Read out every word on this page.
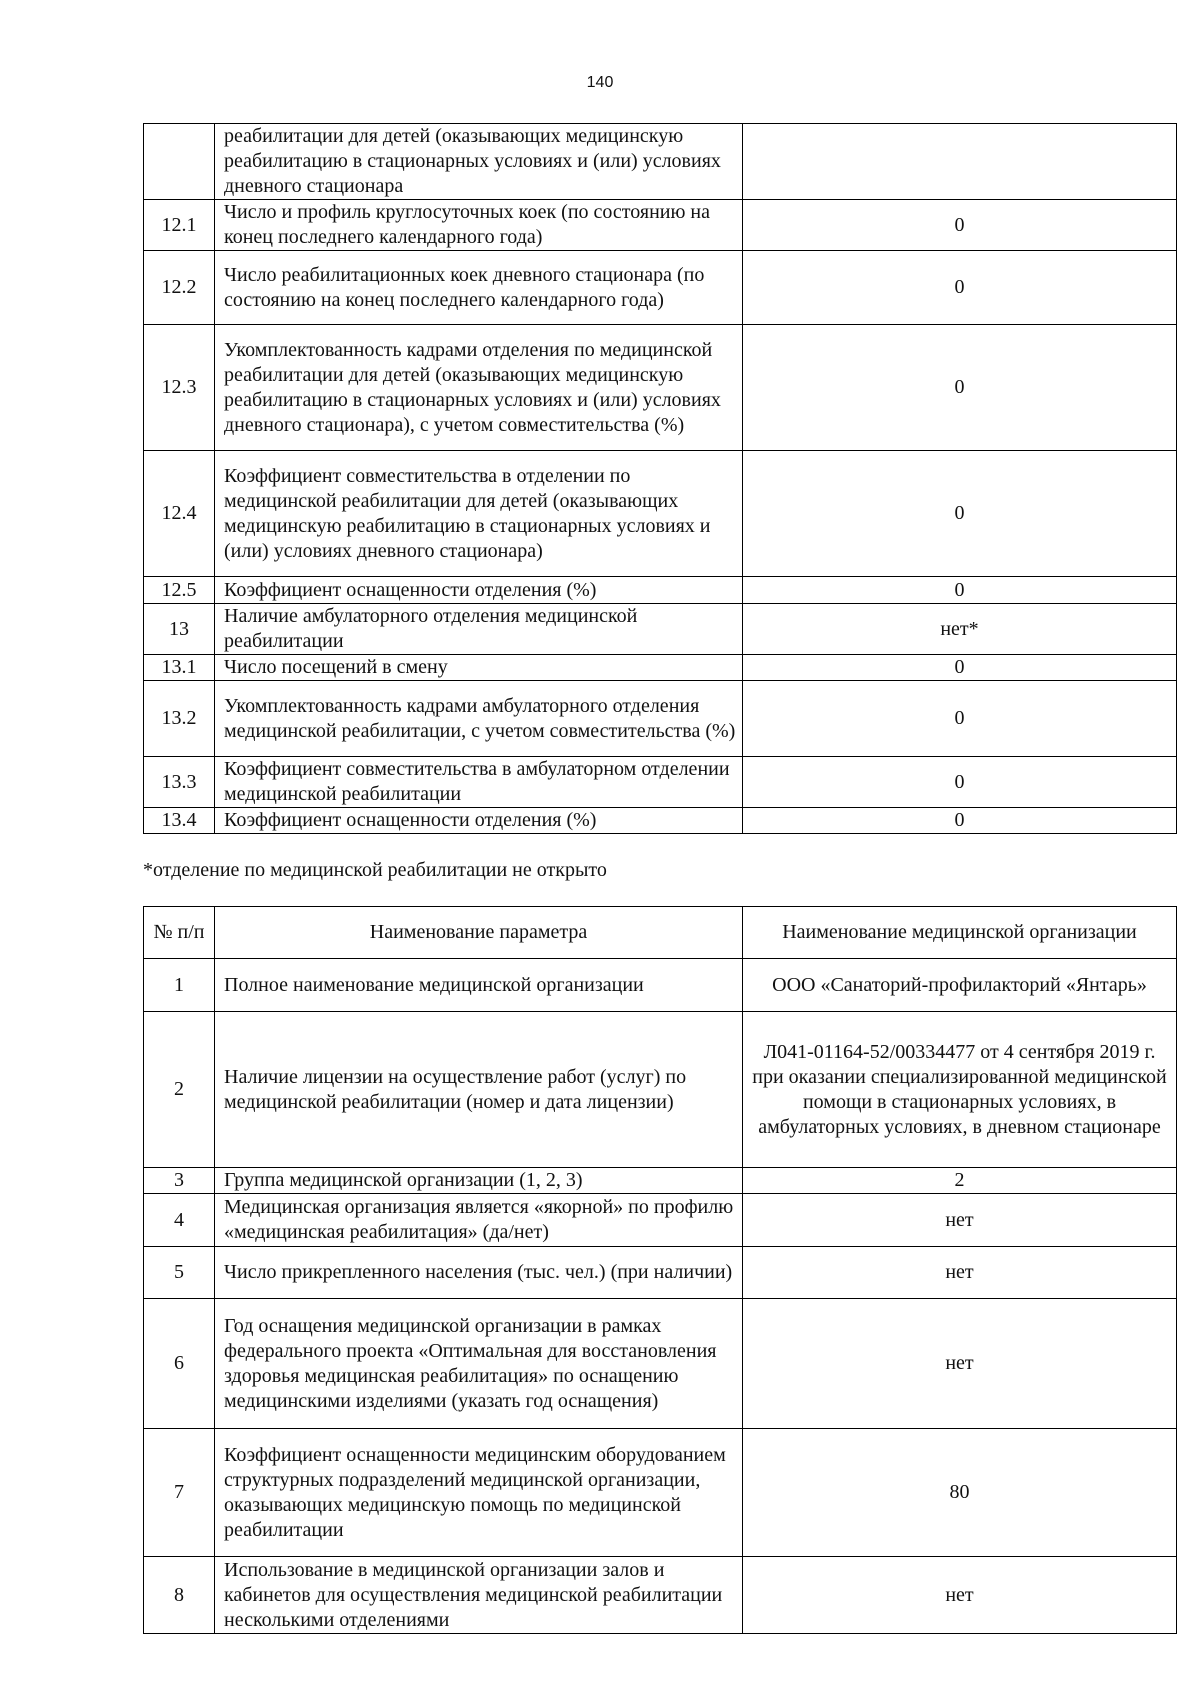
140
	реабилитации для детей (оказывающих медицинскую реабилитацию в стационарных условиях и (или) условиях дневного стационара	
12.1	Число и профиль круглосуточных коек (по состоянию на конец последнего календарного года)	0
12.2	Число реабилитационных коек дневного стационара (по состоянию на конец последнего календарного года)	0
12.3	Укомплектованность кадрами отделения по медицинской реабилитации для детей (оказывающих медицинскую реабилитацию в стационарных условиях и (или) условиях дневного стационара), с учетом совместительства (%)	0
12.4	Коэффициент совместительства в отделении по медицинской реабилитации для детей (оказывающих медицинскую реабилитацию в стационарных условиях и (или) условиях дневного стационара)	0
12.5	Коэффициент оснащенности отделения (%)	0
13	Наличие амбулаторного отделения медицинской реабилитации	нет*
13.1	Число посещений в смену	0
13.2	Укомплектованность кадрами амбулаторного отделения медицинской реабилитации, с учетом совместительства (%)	0
13.3	Коэффициент совместительства в амбулаторном отделении медицинской реабилитации	0
13.4	Коэффициент оснащенности отделения (%)	0
*отделение по медицинской реабилитации не открыто
№ п/п	Наименование параметра	Наименование медицинской организации
1	Полное наименование медицинской организации	ООО «Санаторий-профилакторий «Янтарь»
2	Наличие лицензии на осуществление работ (услуг) по медицинской реабилитации (номер и дата лицензии)	Л041-01164-52/00334477 от 4 сентября 2019 г. при оказании специализированной медицинской помощи в стационарных условиях, в амбулаторных условиях, в дневном стационаре
3	Группа медицинской организации (1, 2, 3)	2
4	Медицинская организация является «якорной» по профилю «медицинская реабилитация» (да/нет)	нет
5	Число прикрепленного населения (тыс. чел.) (при наличии)	нет
6	Год оснащения медицинской организации в рамках федерального проекта «Оптимальная для восстановления здоровья медицинская реабилитация» по оснащению медицинскими изделиями (указать год оснащения)	нет
7	Коэффициент оснащенности медицинским оборудованием структурных подразделений медицинской организации, оказывающих медицинскую помощь по медицинской реабилитации	80
8	Использование в медицинской организации залов и кабинетов для осуществления медицинской реабилитации несколькими отделениями	нет
